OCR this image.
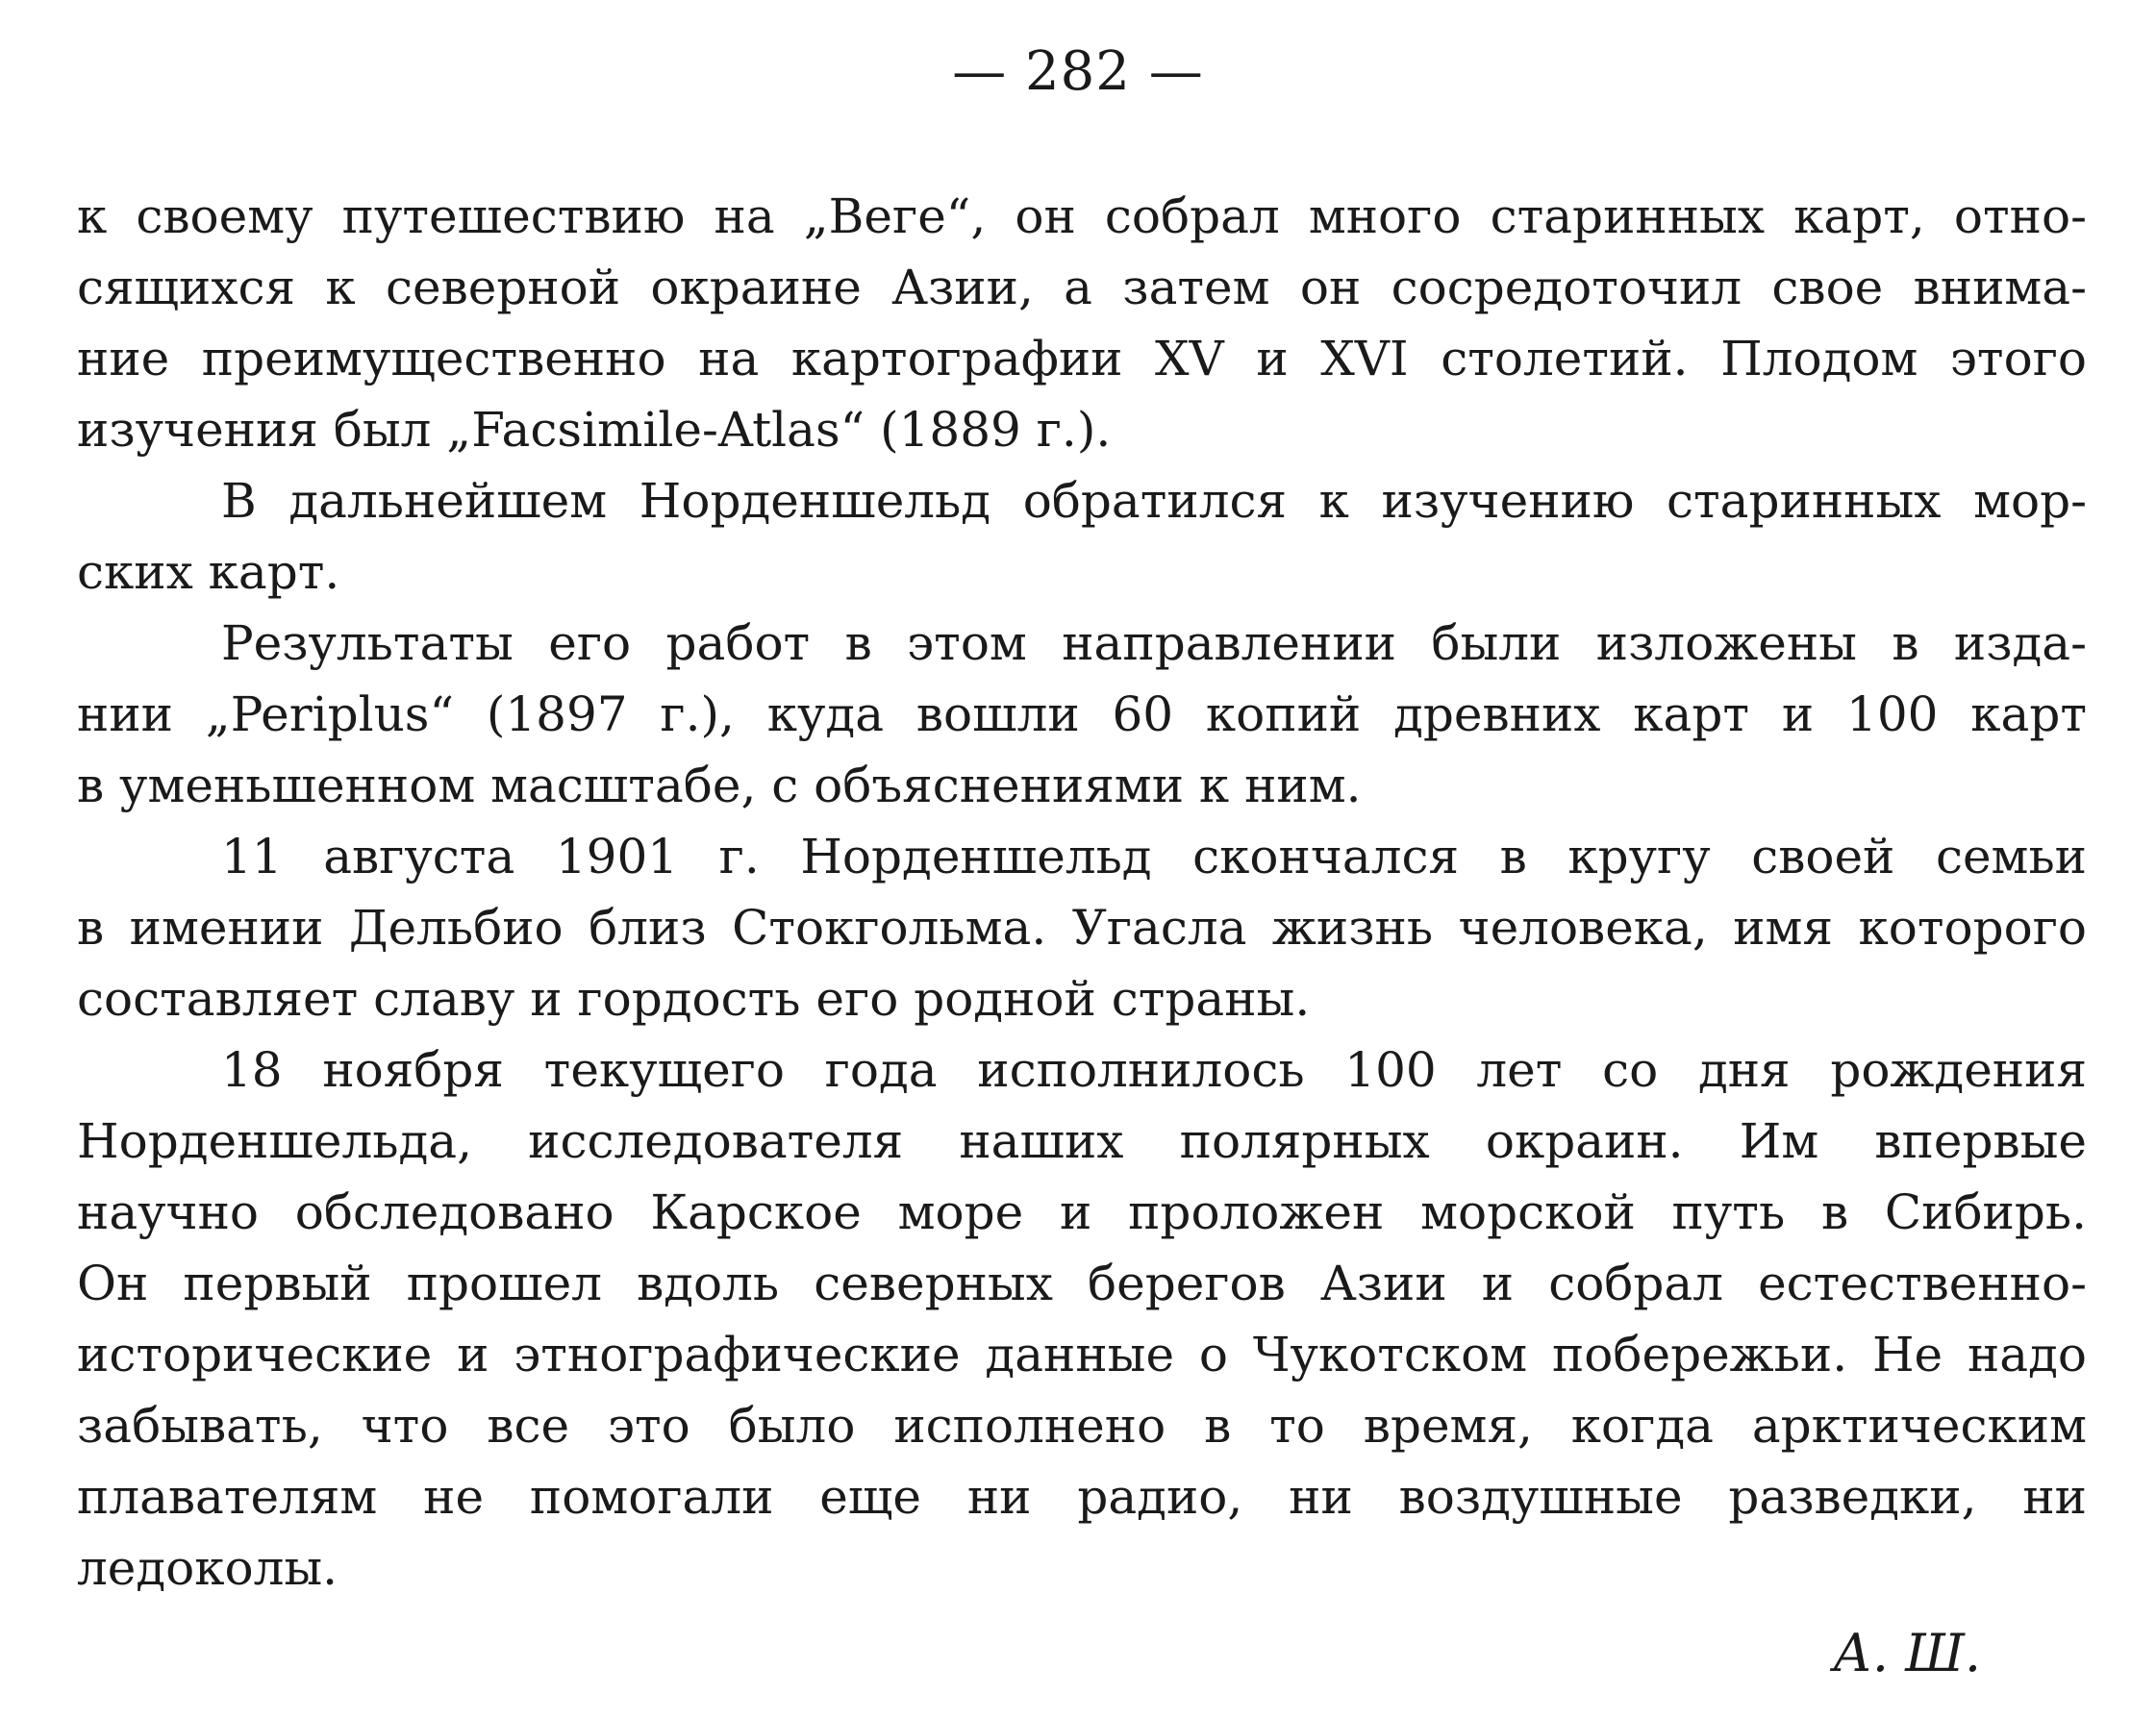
— 282 —
к своему путешествию на „Веге“, он собрал много старинных карт, отно-
сящихся к северной окраине Азии, а затем он сосредоточил свое внима-
ние преимущественно на картографии XV и XVI столетий. Плодом этого
изучения был „Facsimile-Atlas“ (1889 г.).
В дальнейшем Норденшельд обратился к изучению старинных мор-
ских карт.
Результаты его работ в этом направлении были изложены в изда-
нии „Periplus“ (1897 г.), куда вошли 60 копий древних карт и 100 карт
в уменьшенном масштабе, с объяснениями к ним.
11 августа 1901 г. Норденшельд скончался в кругу своей семьи
в имении Дельбио близ Стокгольма. Угасла жизнь человека, имя которого
составляет славу и гордость его родной страны.
18 ноября текущего года исполнилось 100 лет со дня рождения
Норденшельда, исследователя наших полярных окраин. Им впервые
научно обследовано Карское море и проложен морской путь в Сибирь.
Он первый прошел вдоль северных берегов Азии и собрал естественно-
исторические и этнографические данные о Чукотском побережьи. Не надо
забывать, что все это было исполнено в то время, когда арктическим
плавателям не помогали еще ни радио, ни воздушные разведки, ни
ледоколы.
А. Ш.
